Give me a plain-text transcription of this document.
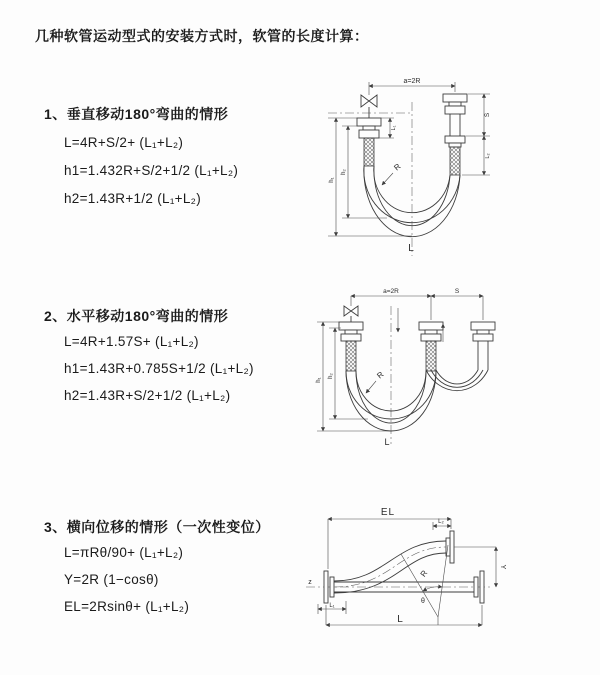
几种软管运动型式的安装方式时，软管的长度计算：
1、垂直移动180°弯曲的情形
L=4R+S/2+ (L₁+L₂)
h1=1.432R+S/2+1/2 (L₁+L₂)
h2=1.43R+1/2 (L₁+L₂)
2、水平移动180°弯曲的情形
L=4R+1.57S+ (L₁+L₂)
h1=1.43R+0.785S+1/2 (L₁+L₂)
h2=1.43R+S/2+1/2 (L₁+L₂)
3、横向位移的情形（一次性变位）
L=πRθ/90+ (L₁+L₂)
Y=2R (1−cosθ)
EL=2Rsinθ+ (L₁+L₂)
a=2R
h₁
h₂
S
L₂
L₁
R
L
a=2R	S
h₁
h₂	R
L
EL
L₂
Y
z
R
θ
L₁
L
